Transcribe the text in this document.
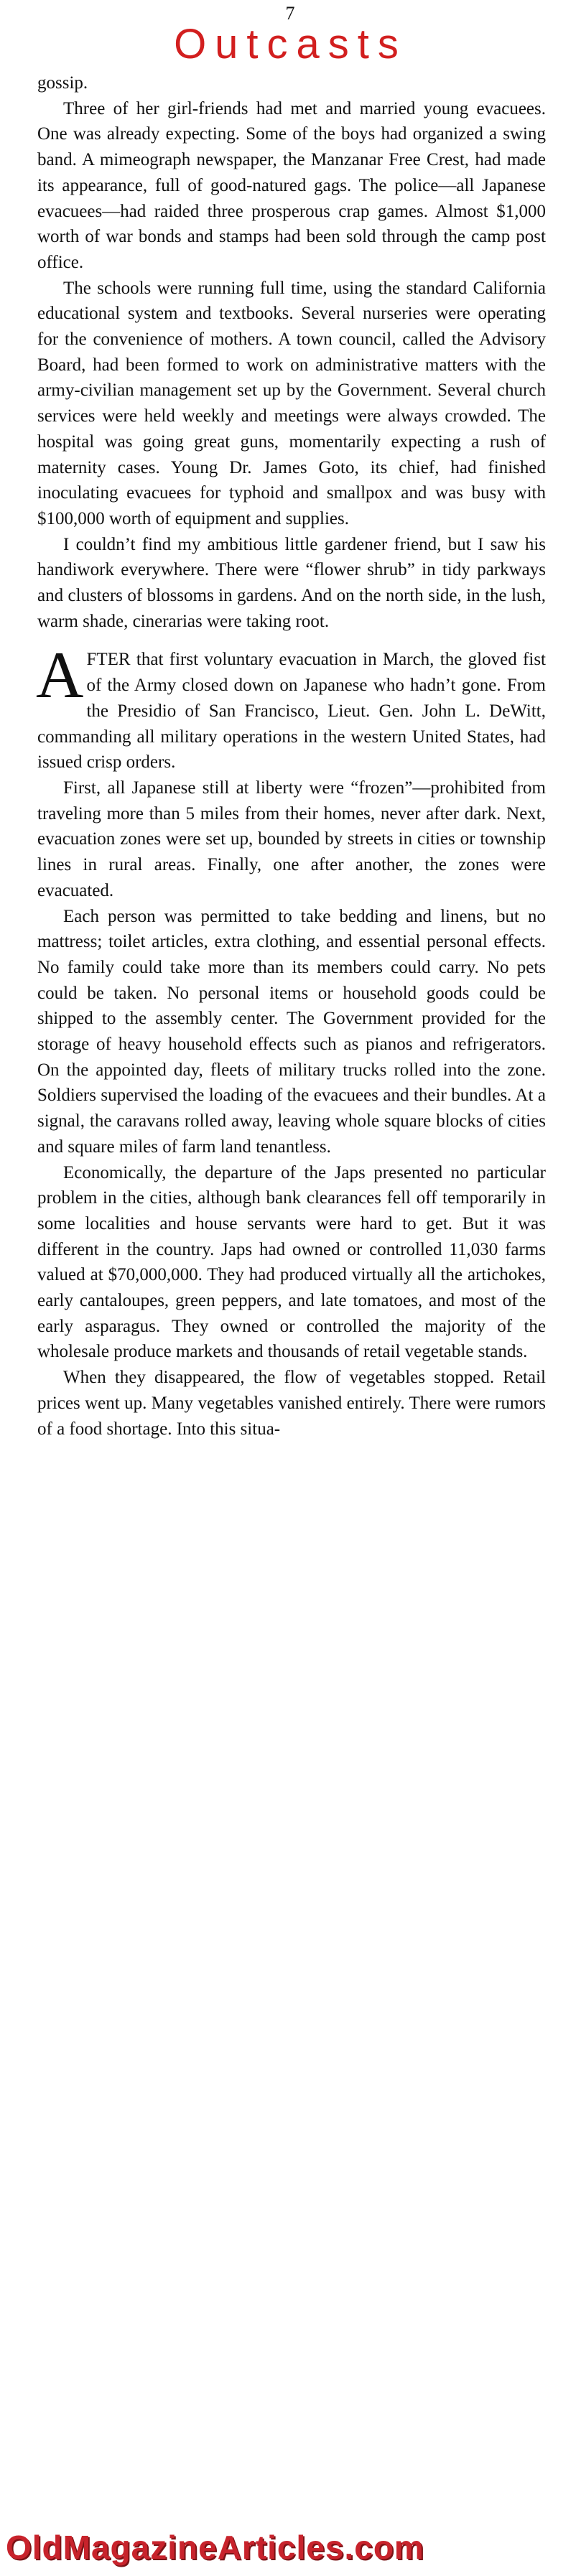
7
Outcasts

gossip.

Three of her girl-friends had met and married young evacuees. One was already expecting. Some of the boys had organized a swing band. A mimeograph newspaper, the Manzanar Free Crest, had made its appearance, full of good-natured gags. The police—all Japanese evacuees—had raided three prosperous crap games. Almost $1,000 worth of war bonds and stamps had been sold through the camp post office.

The schools were running full time, using the standard California educational system and textbooks. Several nurseries were operating for the convenience of mothers. A town council, called the Advisory Board, had been formed to work on administrative matters with the army-civilian management set up by the Government. Several church services were held weekly and meetings were always crowded. The hospital was going great guns, momentarily expecting a rush of maternity cases. Young Dr. James Goto, its chief, had finished inoculating evacuees for typhoid and smallpox and was busy with $100,000 worth of equipment and supplies.

I couldn’t find my ambitious little gardener friend, but I saw his handiwork everywhere. There were “flower shrub” in tidy parkways and clusters of blossoms in gardens. And on the north side, in the lush, warm shade, cinerarias were taking root.

AFTER that first voluntary evacuation in March, the gloved fist of the Army closed down on Japanese who hadn’t gone. From the Presidio of San Francisco, Lieut. Gen. John L. DeWitt, commanding all military operations in the western United States, had issued crisp orders.

First, all Japanese still at liberty were “frozen”—prohibited from traveling more than 5 miles from their homes, never after dark. Next, evacuation zones were set up, bounded by streets in cities or township lines in rural areas. Finally, one after another, the zones were evacuated.

Each person was permitted to take bedding and linens, but no mattress; toilet articles, extra clothing, and essential personal effects. No family could take more than its members could carry. No pets could be taken. No personal items or household goods could be shipped to the assembly center. The Government provided for the storage of heavy household effects such as pianos and refrigerators. On the appointed day, fleets of military trucks rolled into the zone. Soldiers supervised the loading of the evacuees and their bundles. At a signal, the caravans rolled away, leaving whole square blocks of cities and square miles of farm land tenantless.

Economically, the departure of the Japs presented no particular problem in the cities, although bank clearances fell off temporarily in some localities and house servants were hard to get. But it was different in the country. Japs had owned or controlled 11,030 farms valued at $70,000,000. They had produced virtually all the artichokes, early cantaloupes, green peppers, and late tomatoes, and most of the early asparagus. They owned or controlled the majority of the wholesale produce markets and thousands of retail vegetable stands.

When they disappeared, the flow of vegetables stopped. Retail prices went up. Many vegetables vanished entirely. There were rumors of a food shortage. Into this situa-

OldMagazineArticles.com
